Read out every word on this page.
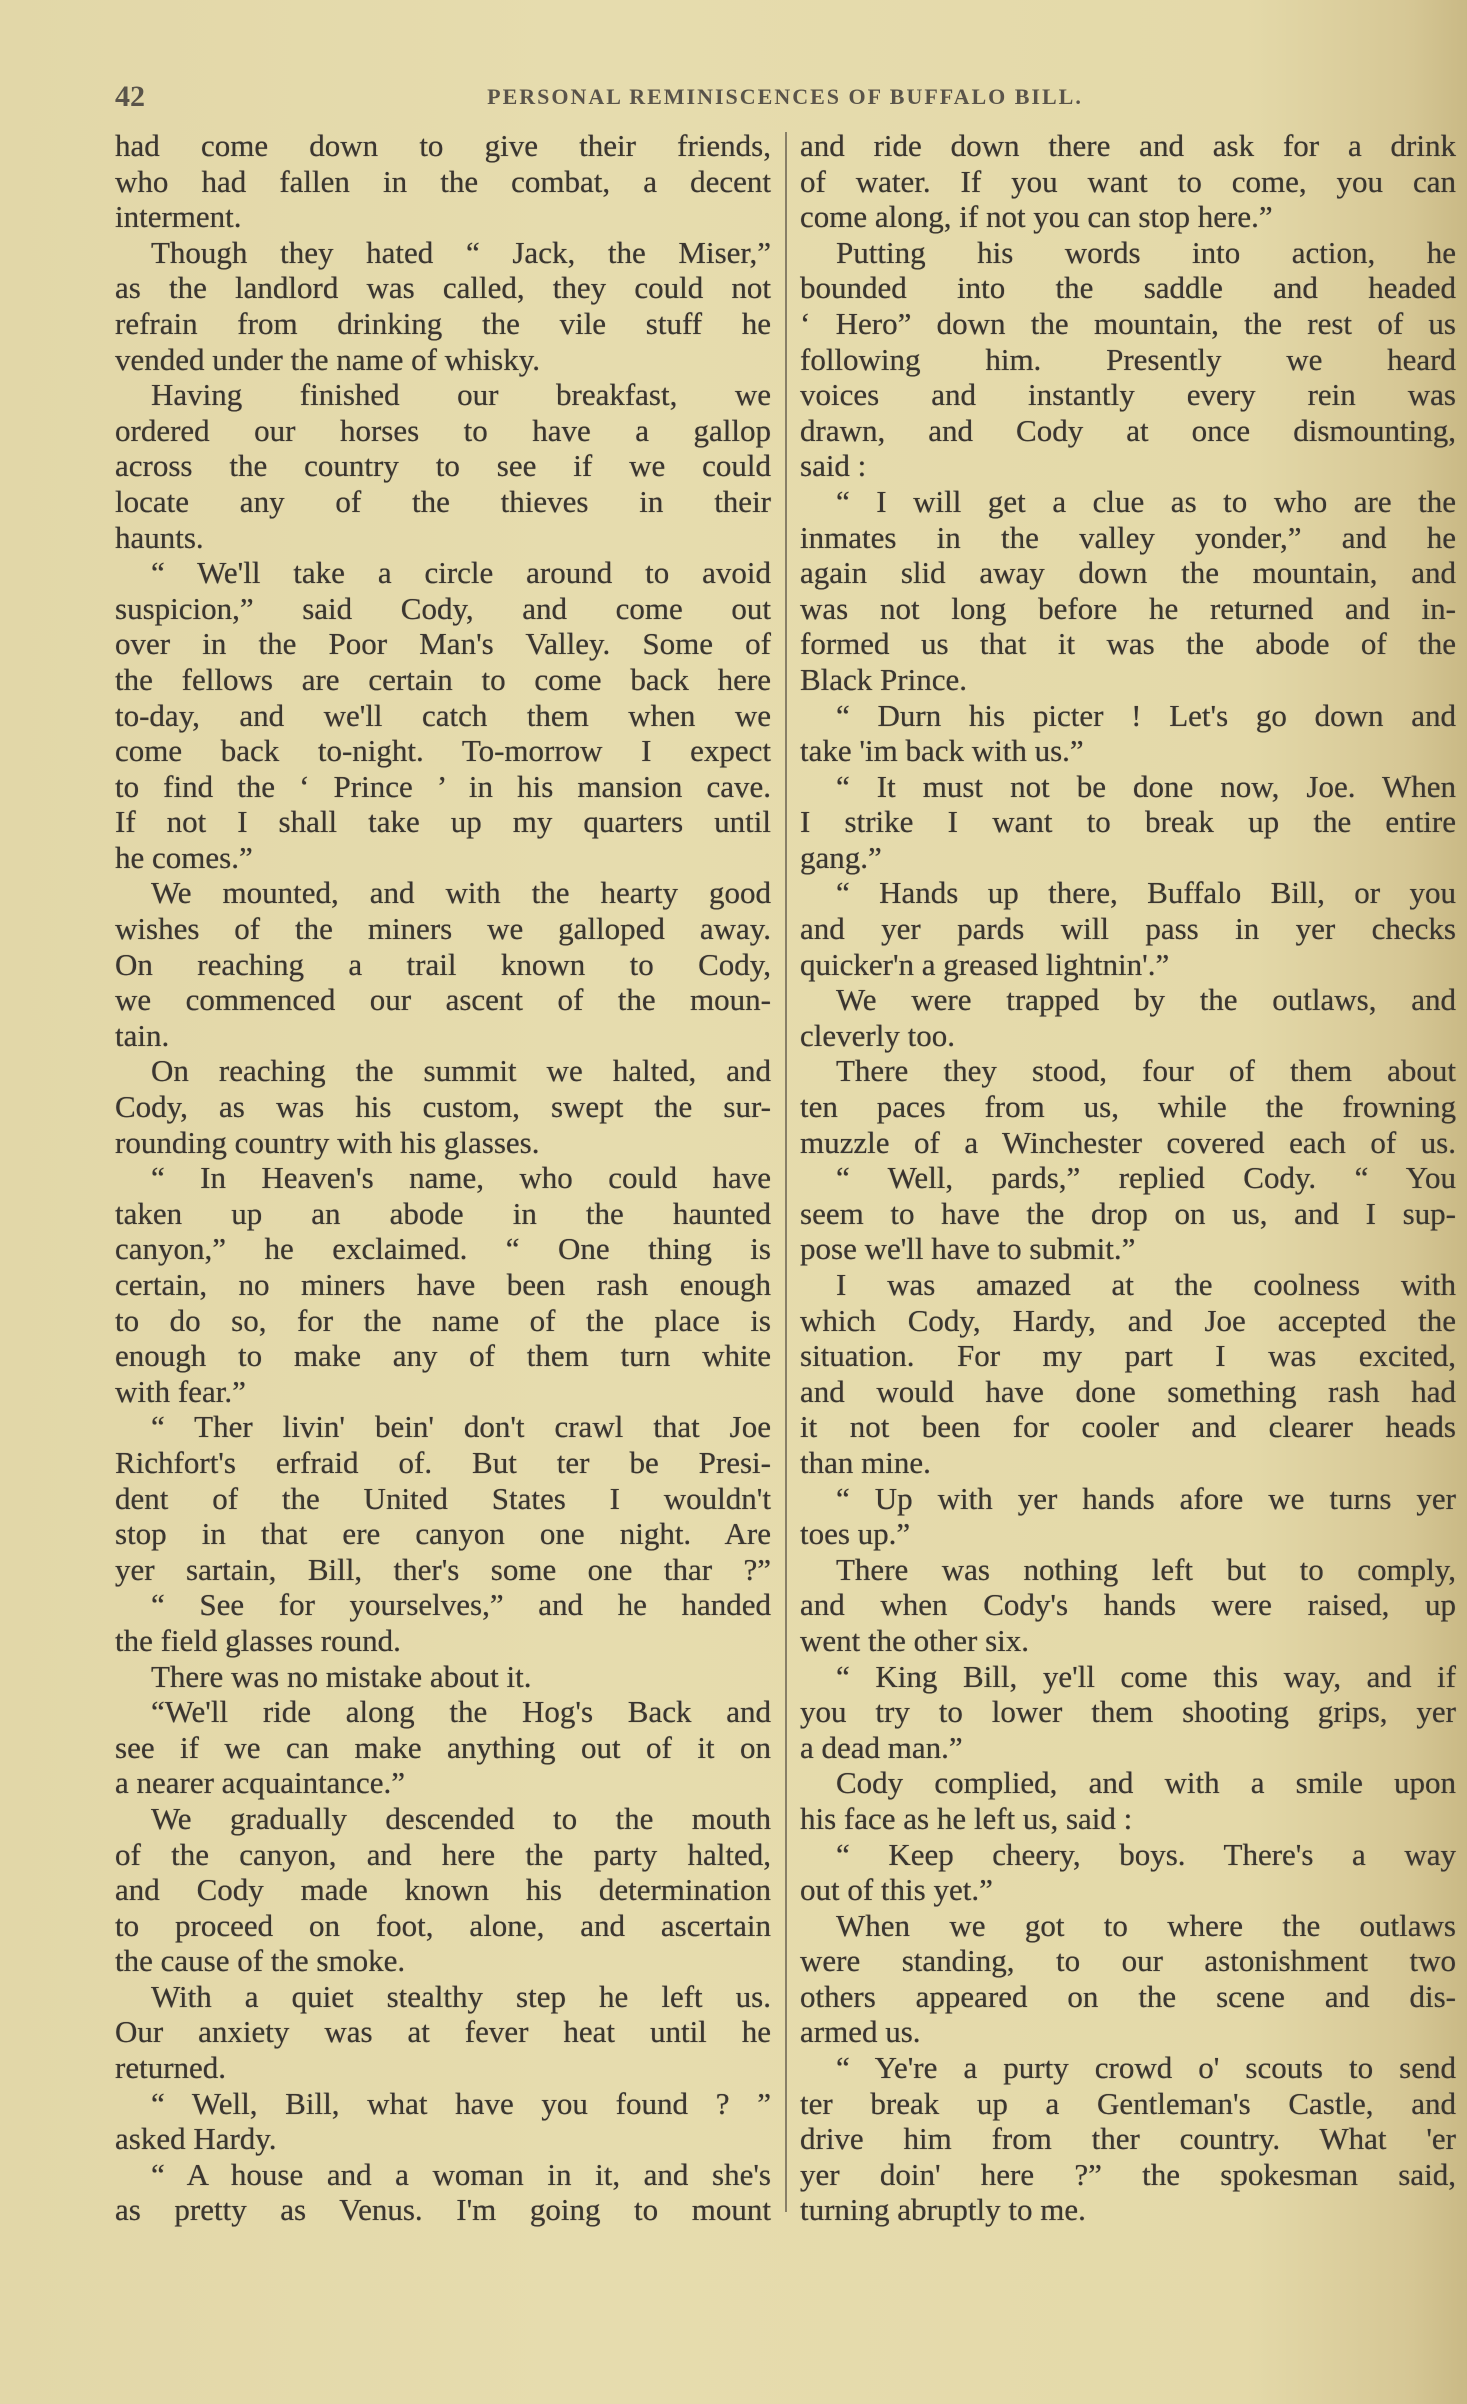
42	PERSONAL REMINISCENCES OF BUFFALO BILL.
had come down to give their friends,
who had fallen in the combat, a decent
interment.
Though they hated “ Jack, the Miser,”
as the landlord was called, they could not
refrain from drinking the vile stuff he
vended under the name of whisky.
Having finished our breakfast, we
ordered our horses to have a gallop
across the country to see if we could
locate any of the thieves in their
haunts.
“ We'll take a circle around to avoid
suspicion,” said Cody, and come out
over in the Poor Man's Valley. Some of
the fellows are certain to come back here
to-day, and we'll catch them when we
come back to-night. To-morrow I expect
to find the ‘ Prince ’ in his mansion cave.
If not I shall take up my quarters until
he comes.”
We mounted, and with the hearty good
wishes of the miners we galloped away.
On reaching a trail known to Cody,
we commenced our ascent of the moun-
tain.
On reaching the summit we halted, and
Cody, as was his custom, swept the sur-
rounding country with his glasses.
“ In Heaven's name, who could have
taken up an abode in the haunted
canyon,” he exclaimed. “ One thing is
certain, no miners have been rash enough
to do so, for the name of the place is
enough to make any of them turn white
with fear.”
“ Ther livin' bein' don't crawl that Joe
Richfort's erfraid of. But ter be Presi-
dent of the United States I wouldn't
stop in that ere canyon one night. Are
yer sartain, Bill, ther's some one thar ?”
“ See for yourselves,” and he handed
the field glasses round.
There was no mistake about it.
“We'll ride along the Hog's Back and
see if we can make anything out of it on
a nearer acquaintance.”
We gradually descended to the mouth
of the canyon, and here the party halted,
and Cody made known his determination
to proceed on foot, alone, and ascertain
the cause of the smoke.
With a quiet stealthy step he left us.
Our anxiety was at fever heat until he
returned.
“ Well, Bill, what have you found ? ”
asked Hardy.
“ A house and a woman in it, and she's
as pretty as Venus. I'm going to mount
and ride down there and ask for a drink
of water. If you want to come, you can
come along, if not you can stop here.”
Putting his words into action, he
bounded into the saddle and headed
‘ Hero” down the mountain, the rest of us
following him. Presently we heard
voices and instantly every rein was
drawn, and Cody at once dismounting,
said :
“ I will get a clue as to who are the
inmates in the valley yonder,” and he
again slid away down the mountain, and
was not long before he returned and in-
formed us that it was the abode of the
Black Prince.
“ Durn his picter ! Let's go down and
take 'im back with us.”
“ It must not be done now, Joe. When
I strike I want to break up the entire
gang.”
“ Hands up there, Buffalo Bill, or you
and yer pards will pass in yer checks
quicker'n a greased lightnin'.”
We were trapped by the outlaws, and
cleverly too.
There they stood, four of them about
ten paces from us, while the frowning
muzzle of a Winchester covered each of us.
“ Well, pards,” replied Cody. “ You
seem to have the drop on us, and I sup-
pose we'll have to submit.”
I was amazed at the coolness with
which Cody, Hardy, and Joe accepted the
situation. For my part I was excited,
and would have done something rash had
it not been for cooler and clearer heads
than mine.
“ Up with yer hands afore we turns yer
toes up.”
There was nothing left but to comply,
and when Cody's hands were raised, up
went the other six.
“ King Bill, ye'll come this way, and if
you try to lower them shooting grips, yer
a dead man.”
Cody complied, and with a smile upon
his face as he left us, said :
“ Keep cheery, boys. There's a way
out of this yet.”
When we got to where the outlaws
were standing, to our astonishment two
others appeared on the scene and dis-
armed us.
“ Ye're a purty crowd o' scouts to send
ter break up a Gentleman's Castle, and
drive him from ther country. What 'er
yer doin' here ?” the spokesman said,
turning abruptly to me.
